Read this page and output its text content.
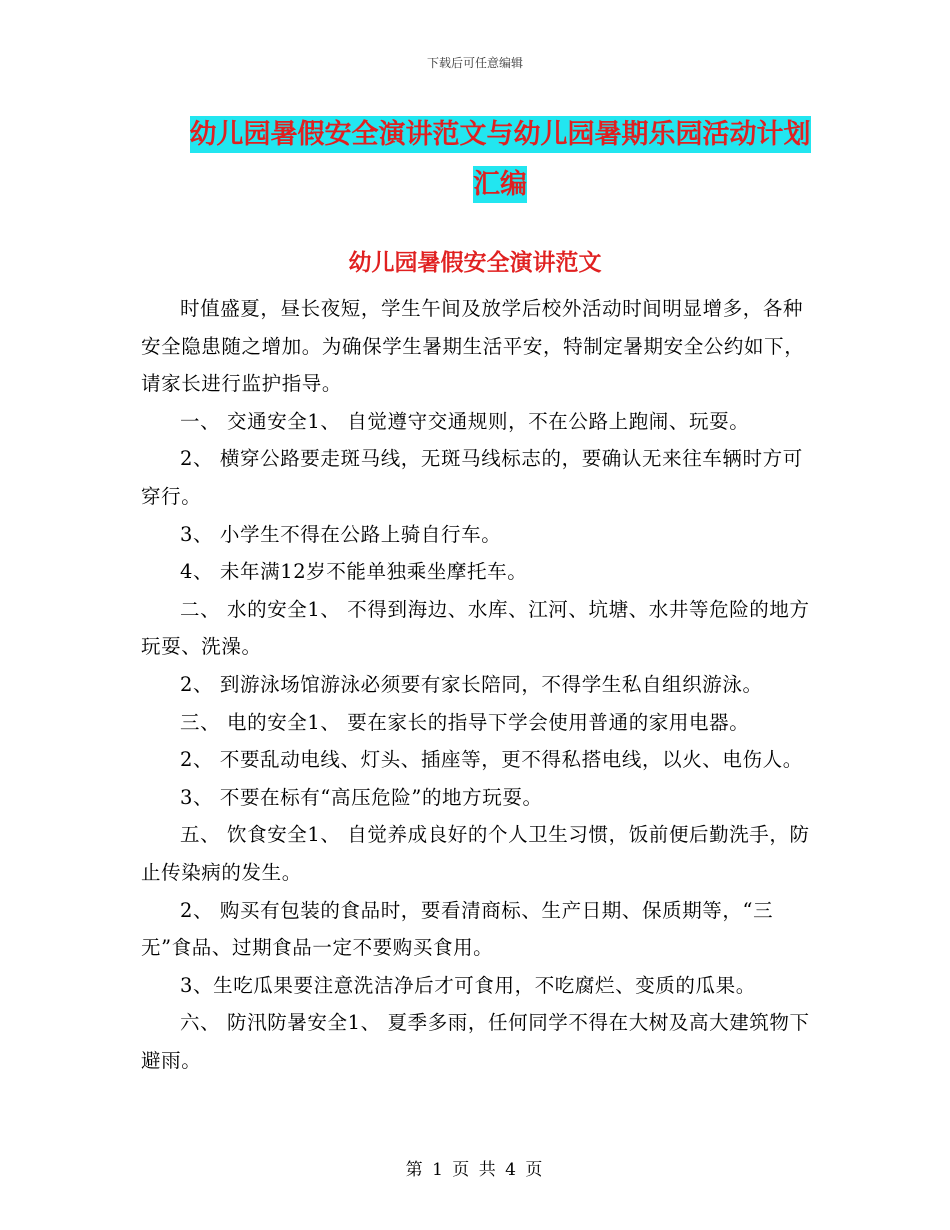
下载后可任意编辑
幼儿园暑假安全演讲范文与幼儿园暑期乐园活动计划
汇编
幼儿园暑假安全演讲范文

时值盛夏，昼长夜短，学生午间及放学后校外活动时间明显增多，各种安全隐患随之增加。为确保学生暑期生活平安，特制定暑期安全公约如下，请家长进行监护指导。

一、 交通安全1、 自觉遵守交通规则，不在公路上跑闹、玩耍。

2、 横穿公路要走斑马线，无斑马线标志的，要确认无来往车辆时方可穿行。

3、 小学生不得在公路上骑自行车。

4、 未年满12岁不能单独乘坐摩托车。

二、 水的安全1、 不得到海边、水库、江河、坑塘、水井等危险的地方玩耍、洗澡。

2、 到游泳场馆游泳必须要有家长陪同，不得学生私自组织游泳。

三、 电的安全1、 要在家长的指导下学会使用普通的家用电器。

2、 不要乱动电线、灯头、插座等，更不得私搭电线，以火、电伤人。

3、 不要在标有“高压危险”的地方玩耍。

五、 饮食安全1、 自觉养成良好的个人卫生习惯，饭前便后勤洗手，防止传染病的发生。

2、 购买有包装的食品时，要看清商标、生产日期、保质期等，“三无”食品、过期食品一定不要购买食用。

3、生吃瓜果要注意洗洁净后才可食用，不吃腐烂、变质的瓜果。

六、 防汛防暑安全1、 夏季多雨，任何同学不得在大树及高大建筑物下避雨。

第 1 页 共 4 页
